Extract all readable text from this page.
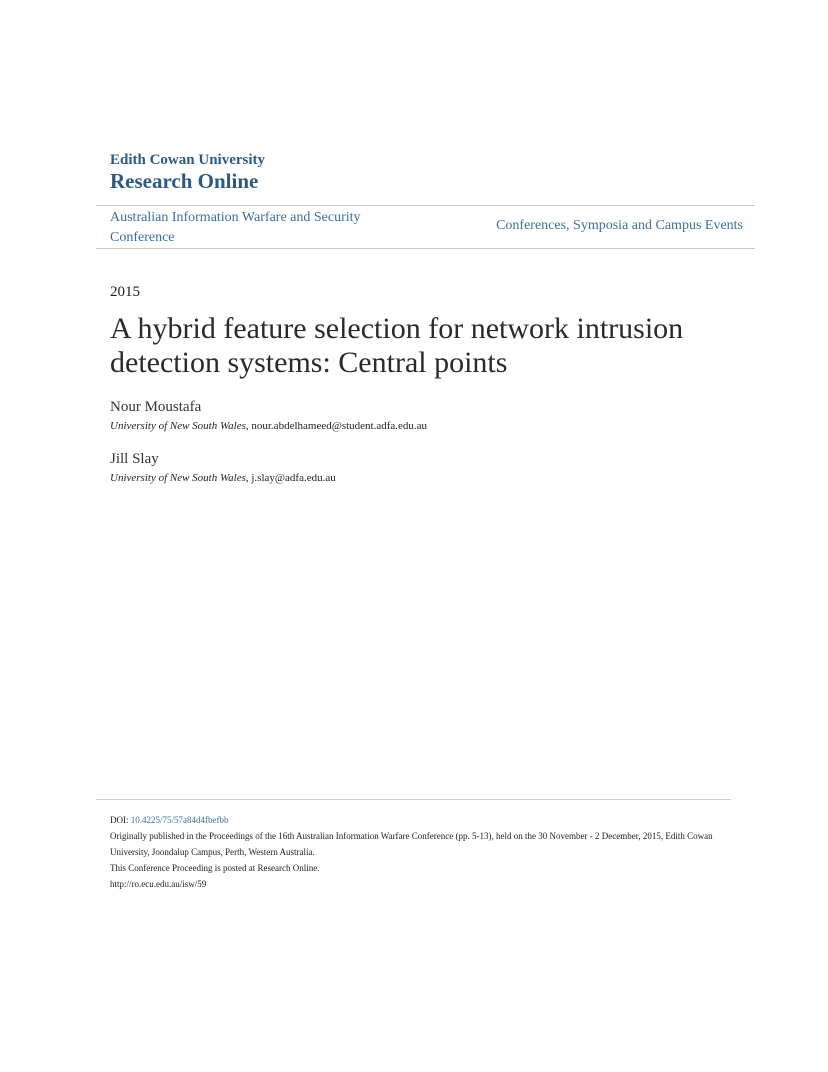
Edith Cowan University
Research Online
Australian Information Warfare and Security Conference
Conferences, Symposia and Campus Events
2015
A hybrid feature selection for network intrusion detection systems: Central points
Nour Moustafa
University of New South Wales, nour.abdelhameed@student.adfa.edu.au
Jill Slay
University of New South Wales, j.slay@adfa.edu.au
DOI: 10.4225/75/57a84d4fbefbb
Originally published in the Proceedings of the 16th Australian Information Warfare Conference (pp. 5-13), held on the 30 November - 2 December, 2015, Edith Cowan University, Joondalup Campus, Perth, Western Australia.
This Conference Proceeding is posted at Research Online.
http://ro.ecu.edu.au/isw/59
